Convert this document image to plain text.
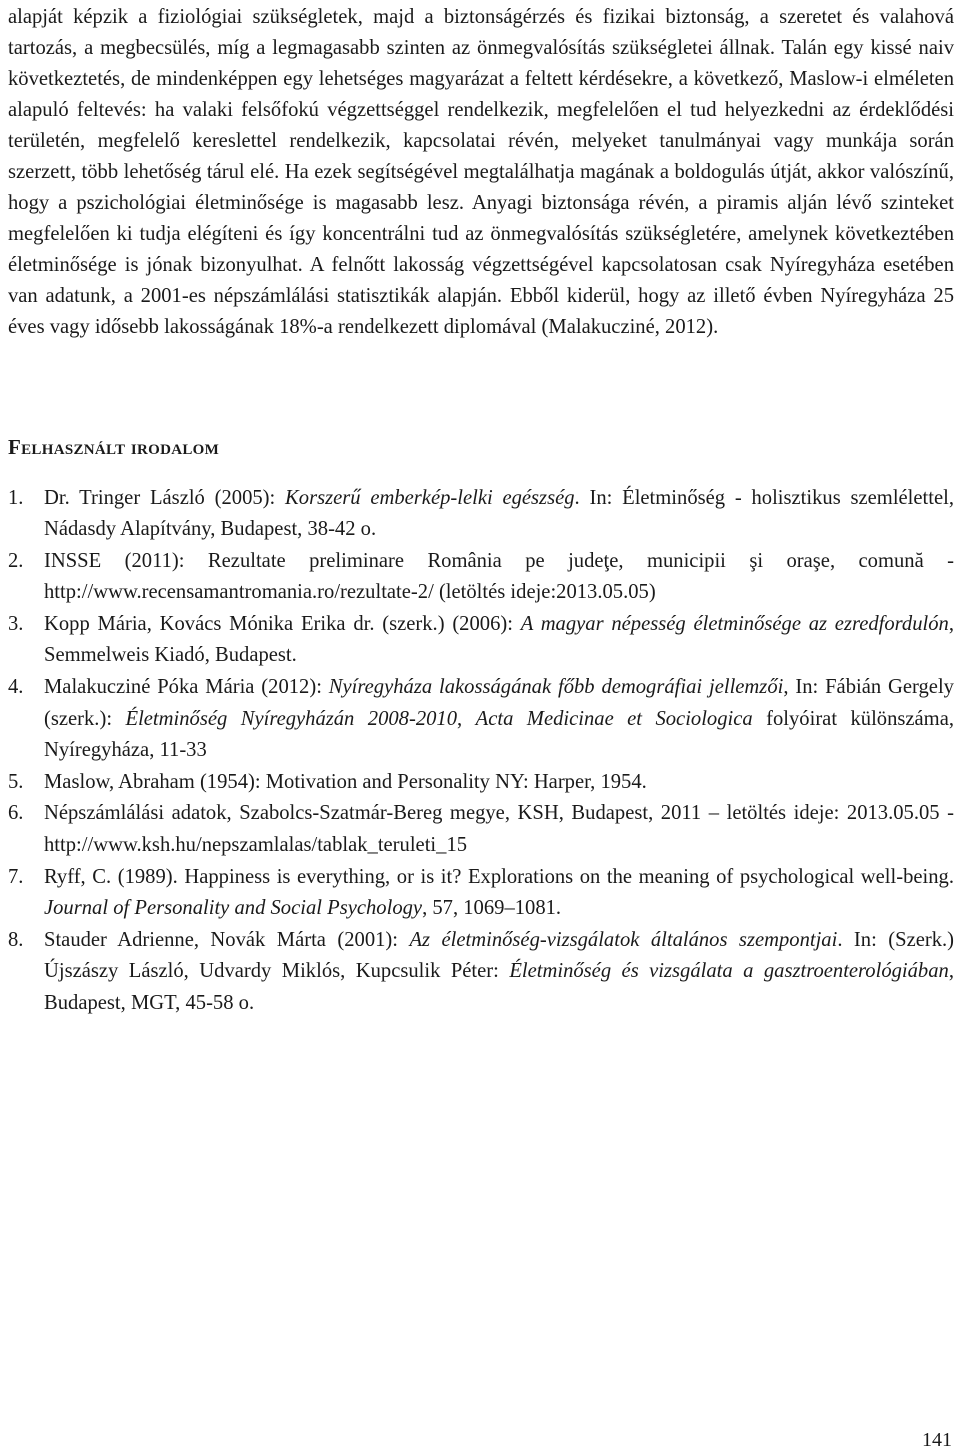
alapját képzik a fiziológiai szükségletek, majd a biztonságérzés és fizikai biztonság, a szeretet és valahová tartozás, a megbecsülés, míg a legmagasabb szinten az önmegvalósítás szükségletei állnak. Talán egy kissé naiv következtetés, de mindenképpen egy lehetséges magyarázat a feltett kérdésekre, a következő, Maslow-i elméleten alapuló feltevés: ha valaki felsőfokú végzettséggel rendelkezik, megfelelően el tud helyezkedni az érdeklődési területén, megfelelő kereslettel rendelkezik, kapcsolatai révén, melyeket tanulmányai vagy munkája során szerzett, több lehetőség tárul elé. Ha ezek segítségével megtalálhatja magának a boldogulás útját, akkor valószínű, hogy a pszichológiai életminősége is magasabb lesz. Anyagi biztonsága révén, a piramis alján lévő szinteket megfelelően ki tudja elégíteni és így koncentrálni tud az önmegvalósítás szükségletére, amelynek következtében életminősége is jónak bizonyulhat. A felnőtt lakosság végzettségével kapcsolatosan csak Nyíregyháza esetében van adatunk, a 2001-es népszámlálási statisztikák alapján. Ebből kiderül, hogy az illető évben Nyíregyháza 25 éves vagy idősebb lakosságának 18%-a rendelkezett diplomával (Malakucziné, 2012).

Felhasznált irodalom
1. Dr. Tringer László (2005): Korszerű emberkép-lelki egészség. In: Életminőség - holisztikus szemlélettel, Nádasdy Alapítvány, Budapest, 38-42 o.
2. INSSE (2011): Rezultate preliminare România pe judeţe, municipii şi oraşe, comună - http://www.recensamantromania.ro/rezultate-2/ (letöltés ideje:2013.05.05)
3. Kopp Mária, Kovács Mónika Erika dr. (szerk.) (2006): A magyar népesség életminősége az ezredfordulón, Semmelweis Kiadó, Budapest.
4. Malakucziné Póka Mária (2012): Nyíregyháza lakosságának főbb demográfiai jellemzői, In: Fábián Gergely (szerk.): Életminőség Nyíregyházán 2008-2010, Acta Medicinae et Sociologica folyóirat különszáma, Nyíregyháza, 11-33
5. Maslow, Abraham (1954): Motivation and Personality NY: Harper, 1954.
6. Népszámlálási adatok, Szabolcs-Szatmár-Bereg megye, KSH, Budapest, 2011 – letöltés ideje: 2013.05.05 - http://www.ksh.hu/nepszamlalas/tablak_teruleti_15
7. Ryff, C. (1989). Happiness is everything, or is it? Explorations on the meaning of psychological well-being. Journal of Personality and Social Psychology, 57, 1069–1081.
8. Stauder Adrienne, Novák Márta (2001): Az életminőség-vizsgálatok általános szempontjai. In: (Szerk.) Újszászy László, Udvardy Miklós, Kupcsulik Péter: Életminőség és vizsgálata a gasztroenterológiában, Budapest, MGT, 45-58 o.
141
